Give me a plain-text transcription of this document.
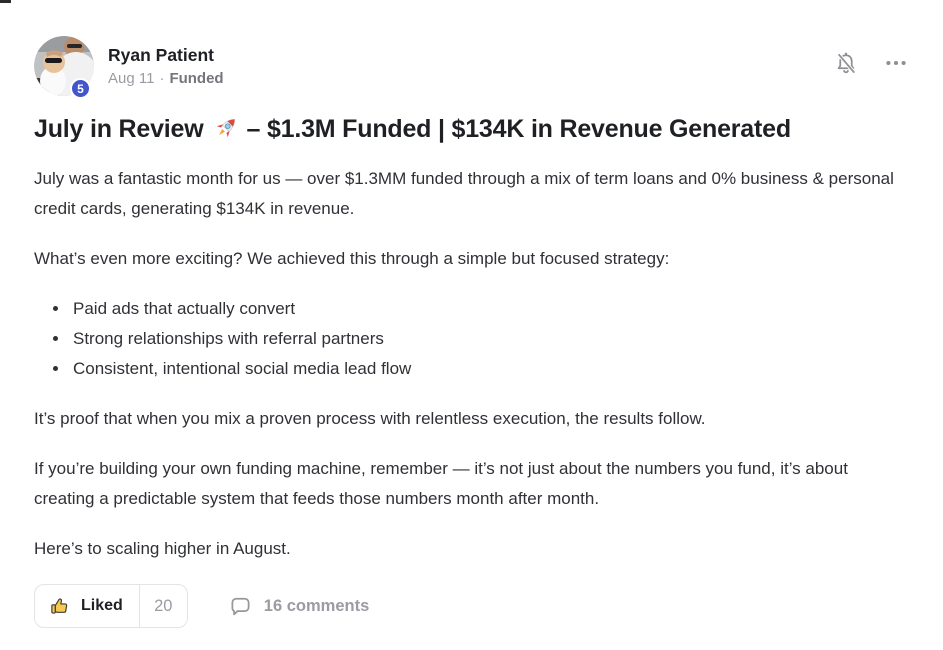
5
Ryan Patient
Aug 11 · Funded
July in Review – $1.3M Funded | $134K in Revenue Generated

July was a fantastic month for us — over $1.3MM funded through a mix of term loans and 0% business & personal credit cards, generating $134K in revenue.

What’s even more exciting? We achieved this through a simple but focused strategy:

• Paid ads that actually convert
• Strong relationships with referral partners
• Consistent, intentional social media lead flow

It’s proof that when you mix a proven process with relentless execution, the results follow.

If you’re building your own funding machine, remember — it’s not just about the numbers you fund, it’s about creating a predictable system that feeds those numbers month after month.

Here’s to scaling higher in August.

Liked	20	16 comments
